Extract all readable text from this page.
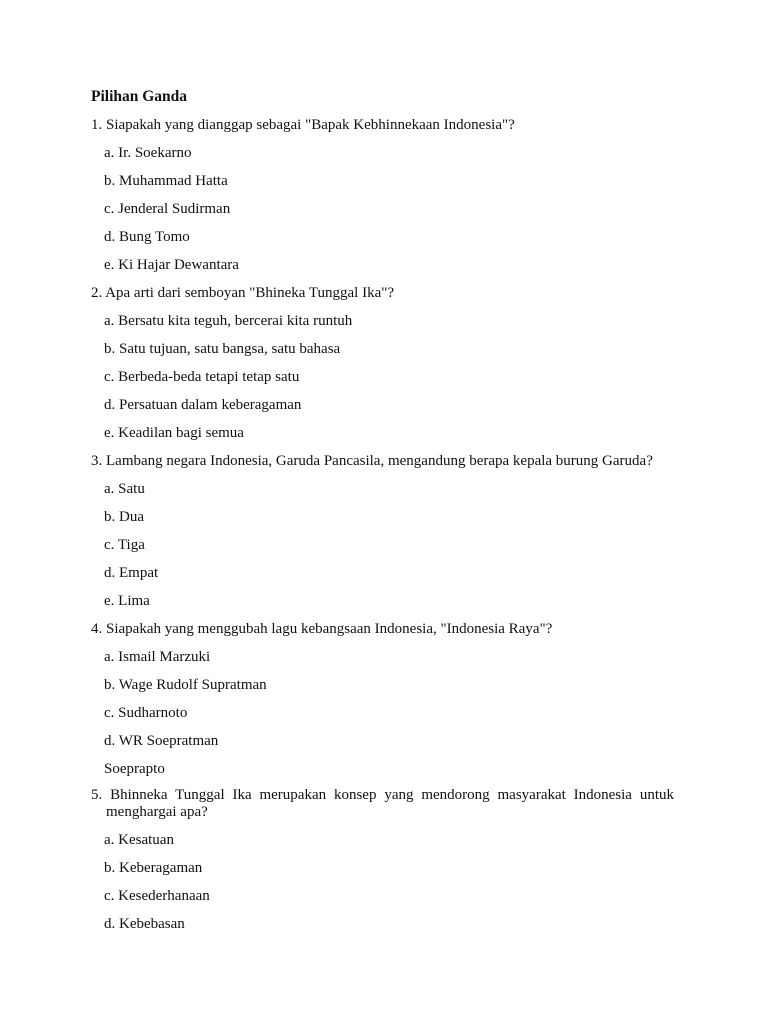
Pilihan Ganda
1. Siapakah yang dianggap sebagai "Bapak Kebhinnekaan Indonesia"?
a. Ir. Soekarno
b. Muhammad Hatta
c. Jenderal Sudirman
d. Bung Tomo
e. Ki Hajar Dewantara
2. Apa arti dari semboyan "Bhineka Tunggal Ika"?
a. Bersatu kita teguh, bercerai kita runtuh
b. Satu tujuan, satu bangsa, satu bahasa
c. Berbeda-beda tetapi tetap satu
d. Persatuan dalam keberagaman
e. Keadilan bagi semua
3. Lambang negara Indonesia, Garuda Pancasila, mengandung berapa kepala burung Garuda?
a. Satu
b. Dua
c. Tiga
d. Empat
e. Lima
4. Siapakah yang menggubah lagu kebangsaan Indonesia, "Indonesia Raya"?
a. Ismail Marzuki
b. Wage Rudolf Supratman
c. Sudharnoto
d. WR Soepratman
Soeprapto
5. Bhinneka Tunggal Ika merupakan konsep yang mendorong masyarakat Indonesia untuk menghargai apa?
a. Kesatuan
b. Keberagaman
c. Kesederhanaan
d. Kebebasan
